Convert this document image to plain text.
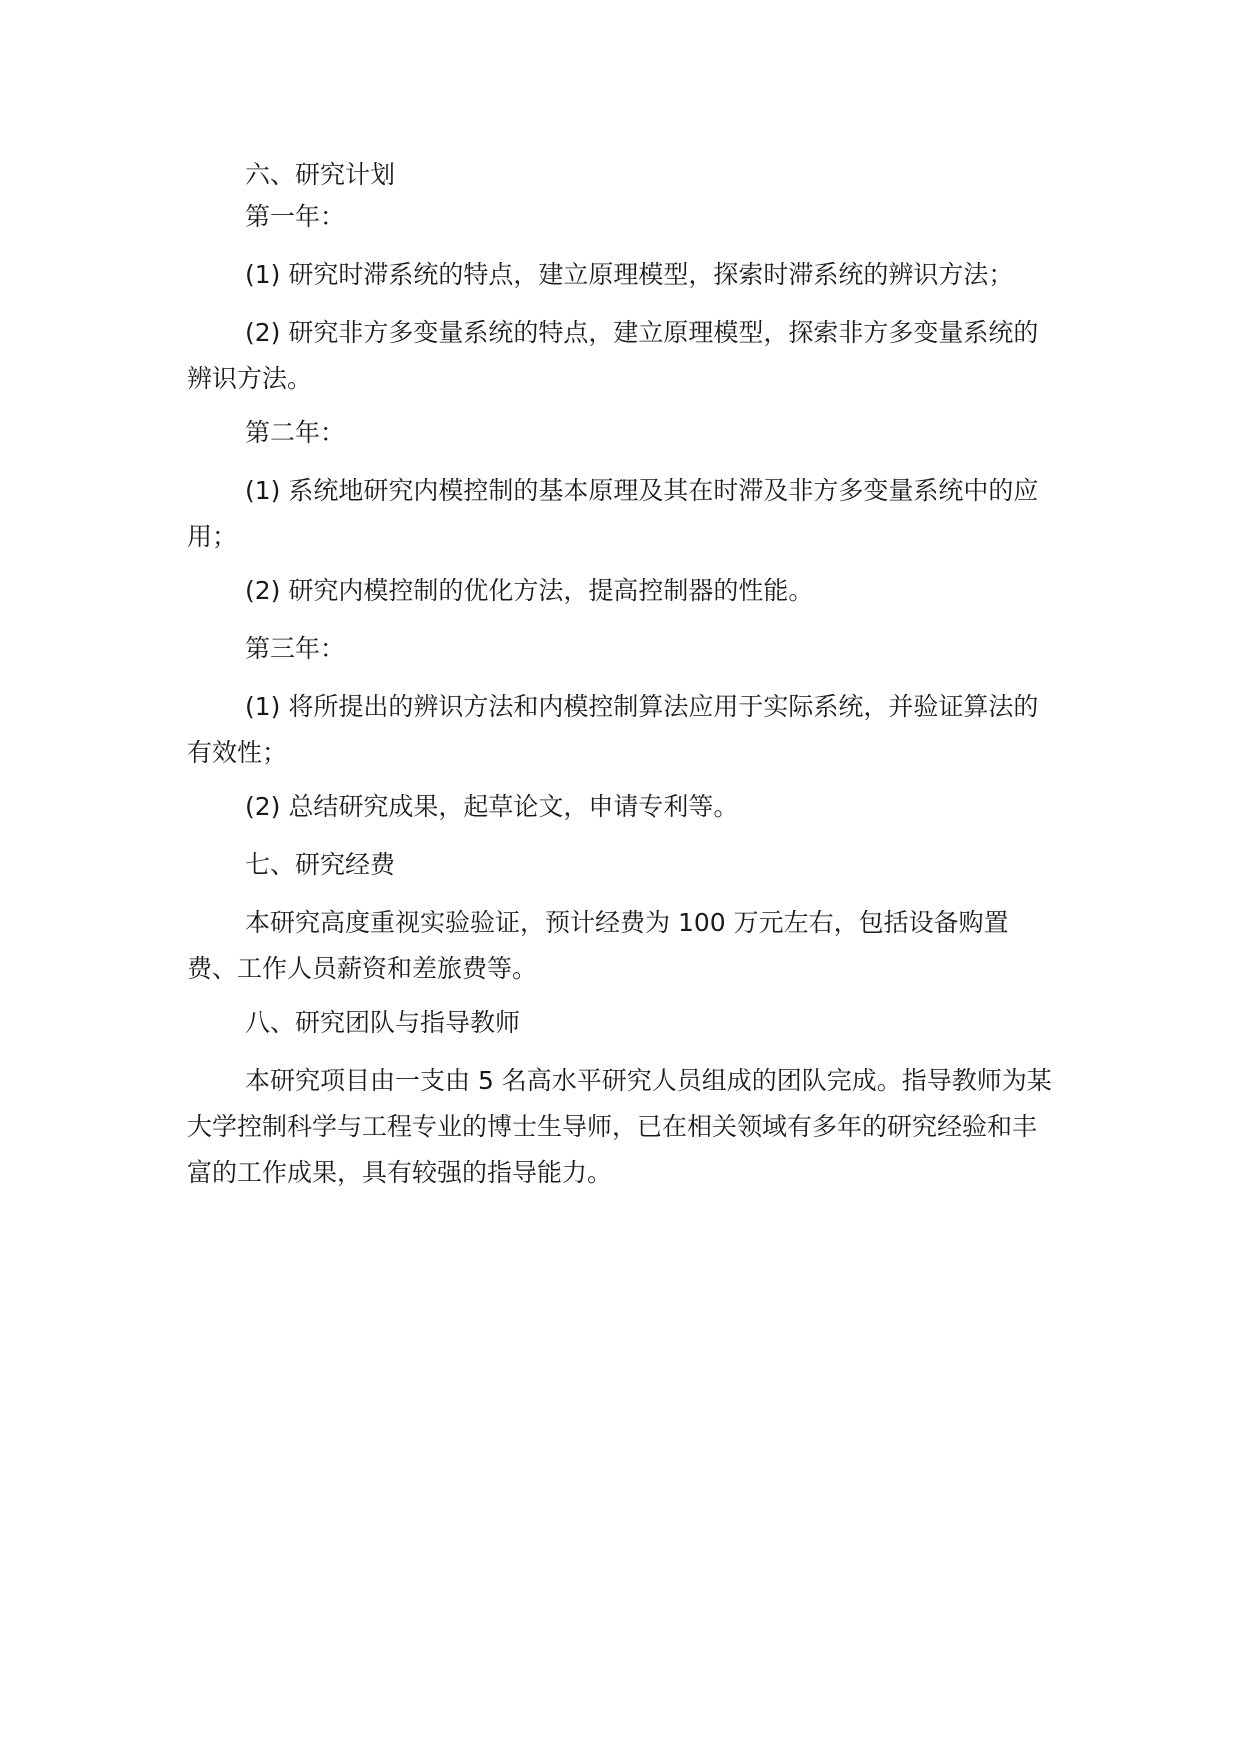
六、研究计划

第一年：

(1) 研究时滞系统的特点，建立原理模型，探索时滞系统的辨识方法；

(2) 研究非方多变量系统的特点，建立原理模型，探索非方多变量系统的辨识方法。

第二年：

(1) 系统地研究内模控制的基本原理及其在时滞及非方多变量系统中的应用；

(2) 研究内模控制的优化方法，提高控制器的性能。

第三年：

(1) 将所提出的辨识方法和内模控制算法应用于实际系统，并验证算法的有效性；

(2) 总结研究成果，起草论文，申请专利等。

七、研究经费

本研究高度重视实验验证，预计经费为 100 万元左右，包括设备购置费、工作人员薪资和差旅费等。

八、研究团队与指导教师

本研究项目由一支由 5 名高水平研究人员组成的团队完成。指导教师为某大学控制科学与工程专业的博士生导师，已在相关领域有多年的研究经验和丰富的工作成果，具有较强的指导能力。
